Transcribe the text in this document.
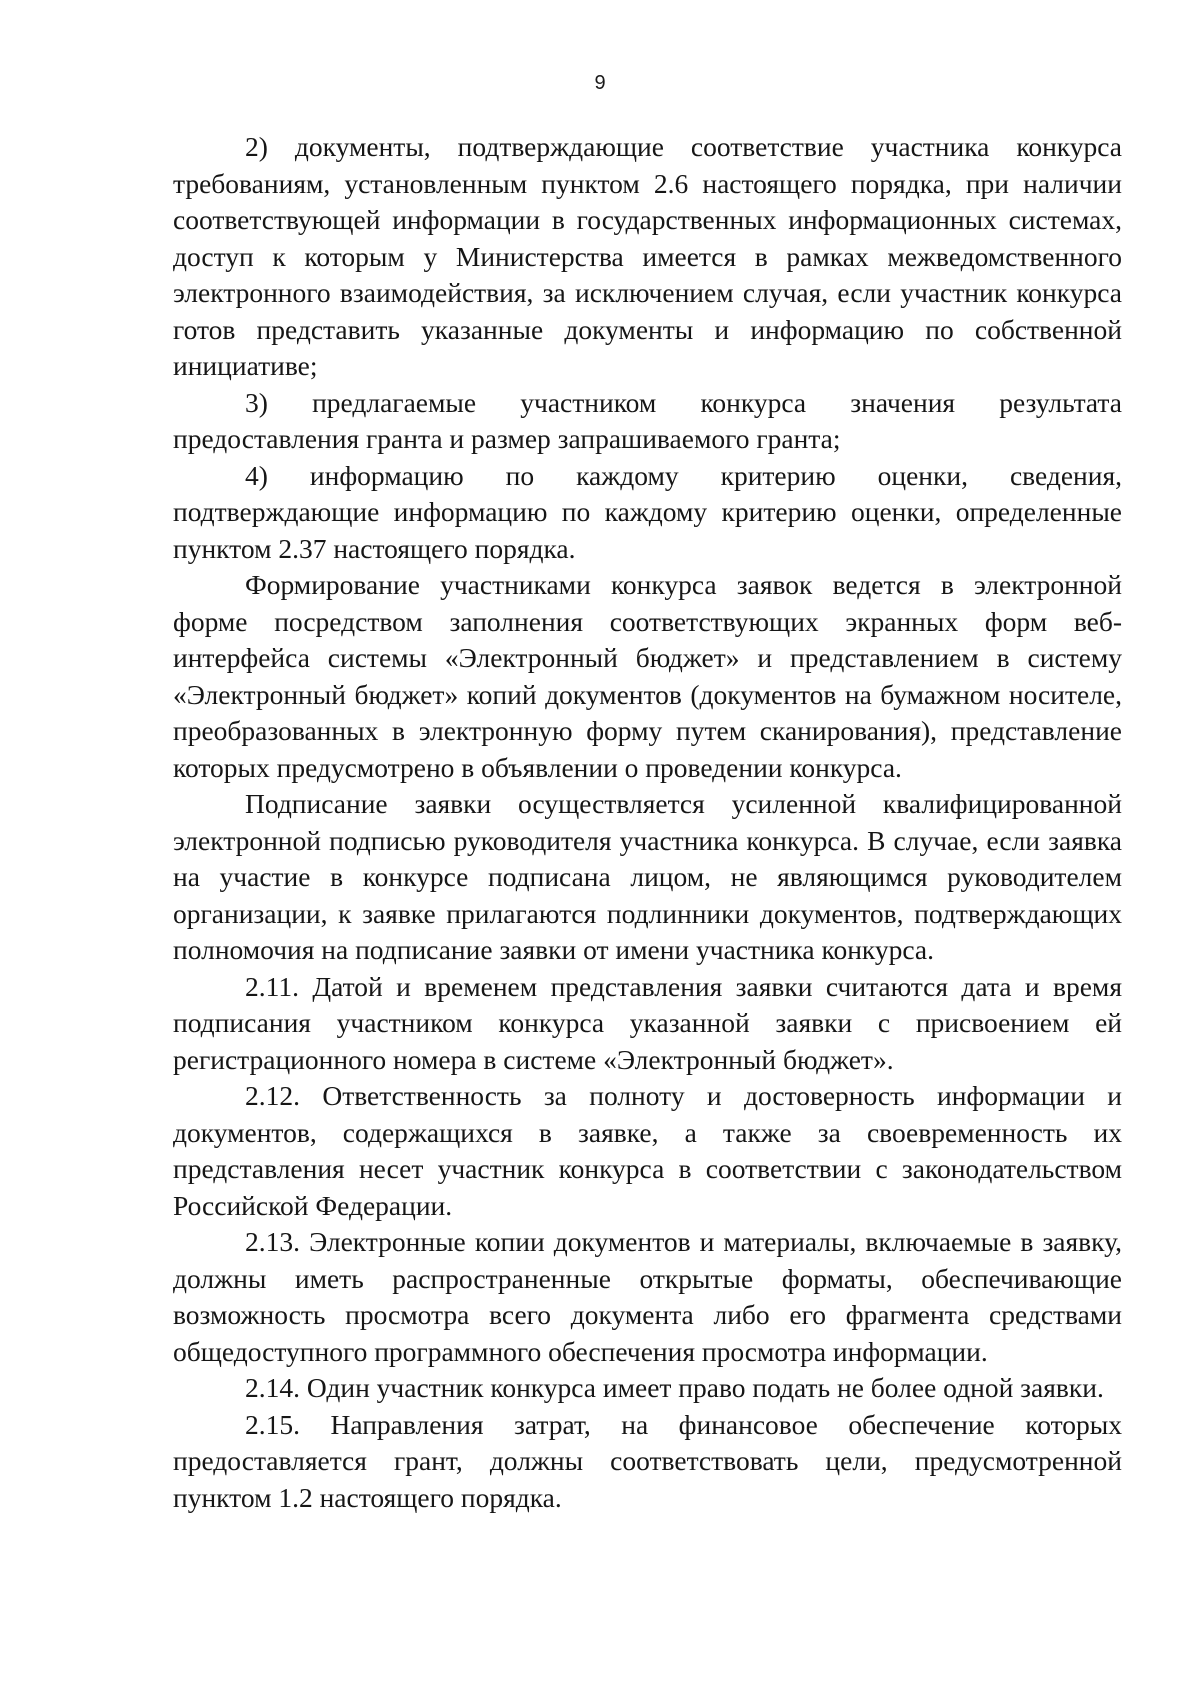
9

2) документы, подтверждающие соответствие участника конкурса требованиям, установленным пунктом 2.6 настоящего порядка, при наличии соответствующей информации в государственных информационных системах, доступ к которым у Министерства имеется в рамках межведомственного электронного взаимодействия, за исключением случая, если участник конкурса готов представить указанные документы и информацию по собственной инициативе;

3) предлагаемые участником конкурса значения результата предоставления гранта и размер запрашиваемого гранта;

4) информацию по каждому критерию оценки, сведения, подтверждающие информацию по каждому критерию оценки, определенные пунктом 2.37 настоящего порядка.

Формирование участниками конкурса заявок ведется в электронной форме посредством заполнения соответствующих экранных форм веб-интерфейса системы «Электронный бюджет» и представлением в систему «Электронный бюджет» копий документов (документов на бумажном носителе, преобразованных в электронную форму путем сканирования), представление которых предусмотрено в объявлении о проведении конкурса.

Подписание заявки осуществляется усиленной квалифицированной электронной подписью руководителя участника конкурса. В случае, если заявка на участие в конкурсе подписана лицом, не являющимся руководителем организации, к заявке прилагаются подлинники документов, подтверждающих полномочия на подписание заявки от имени участника конкурса.

2.11. Датой и временем представления заявки считаются дата и время подписания участником конкурса указанной заявки с присвоением ей регистрационного номера в системе «Электронный бюджет».

2.12. Ответственность за полноту и достоверность информации и документов, содержащихся в заявке, а также за своевременность их представления несет участник конкурса в соответствии с законодательством Российской Федерации.

2.13. Электронные копии документов и материалы, включаемые в заявку, должны иметь распространенные открытые форматы, обеспечивающие возможность просмотра всего документа либо его фрагмента средствами общедоступного программного обеспечения просмотра информации.

2.14. Один участник конкурса имеет право подать не более одной заявки.

2.15. Направления затрат, на финансовое обеспечение которых предоставляется грант, должны соответствовать цели, предусмотренной пунктом 1.2 настоящего порядка.
